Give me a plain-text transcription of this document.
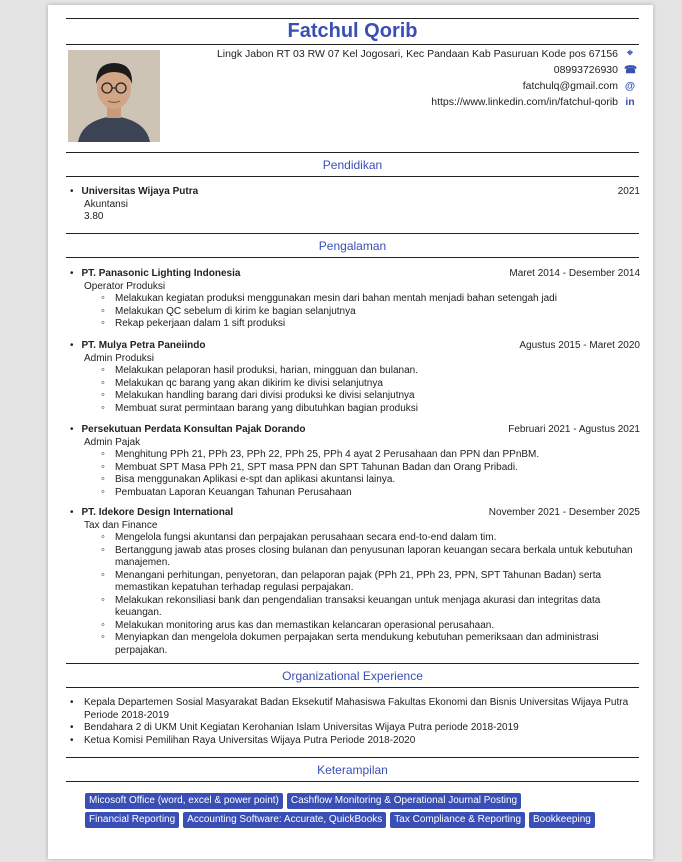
Fatchul Qorib
Lingk Jabon RT 03 RW 07 Kel Jogosari, Kec Pandaan Kab Pasuruan Kode pos 67156 ⌖
08993726930 ☎
fatchulq@gmail.com @
https://www.linkedin.com/in/fatchul-qorib in
Pendidikan
• Universitas Wijaya Putra	2021
Akuntansi
3.80
Pengalaman
• PT. Panasonic Lighting Indonesia	Maret 2014 - Desember 2014
Operator Produksi
◦ Melakukan kegiatan produksi menggunakan mesin dari bahan mentah menjadi bahan setengah jadi
◦ Melakukan QC sebelum di kirim ke bagian selanjutnya
◦ Rekap pekerjaan dalam 1 sift produksi
• PT. Mulya Petra Paneiindo	Agustus 2015 - Maret 2020
Admin Produksi
◦ Melakukan pelaporan hasil produksi, harian, mingguan dan bulanan.
◦ Melakukan qc barang yang akan dikirim ke divisi selanjutnya
◦ Melakukan handling barang dari divisi produksi ke divisi selanjutnya
◦ Membuat surat permintaan barang yang dibutuhkan bagian produksi
• Persekutuan Perdata Konsultan Pajak Dorando	Februari 2021 - Agustus 2021
Admin Pajak
◦ Menghitung PPh 21, PPh 23, PPh 22, PPh 25, PPh 4 ayat 2 Perusahaan dan PPN dan PPnBM.
◦ Membuat SPT Masa PPh 21, SPT masa PPN dan SPT Tahunan Badan dan Orang Pribadi.
◦ Bisa menggunakan Aplikasi e-spt dan aplikasi akuntansi lainya.
◦ Pembuatan Laporan Keuangan Tahunan Perusahaan
• PT. Idekore Design International	November 2021 - Desember 2025
Tax dan Finance
◦ Mengelola fungsi akuntansi dan perpajakan perusahaan secara end-to-end dalam tim.
◦ Bertanggung jawab atas proses closing bulanan dan penyusunan laporan keuangan secara berkala untuk kebutuhan manajemen.
◦ Menangani perhitungan, penyetoran, dan pelaporan pajak (PPh 21, PPh 23, PPN, SPT Tahunan Badan) serta memastikan kepatuhan terhadap regulasi perpajakan.
◦ Melakukan rekonsiliasi bank dan pengendalian transaksi keuangan untuk menjaga akurasi dan integritas data keuangan.
◦ Melakukan monitoring arus kas dan memastikan kelancaran operasional perusahaan.
◦ Menyiapkan dan mengelola dokumen perpajakan serta mendukung kebutuhan pemeriksaan dan administrasi perpajakan.
Organizational Experience
• Kepala Departemen Sosial Masyarakat Badan Eksekutif Mahasiswa Fakultas Ekonomi dan Bisnis Universitas Wijaya Putra Periode 2018-2019
• Bendahara 2 di UKM Unit Kegiatan Kerohanian Islam Universitas Wijaya Putra periode 2018-2019
• Ketua Komisi Pemilihan Raya Universitas Wijaya Putra Periode 2018-2020
Keterampilan
Micosoft Office (word, excel & power point)	Cashflow Monitoring & Operational Journal Posting
Financial Reporting	Accounting Software: Accurate, QuickBooks	Tax Compliance & Reporting	Bookkeeping
